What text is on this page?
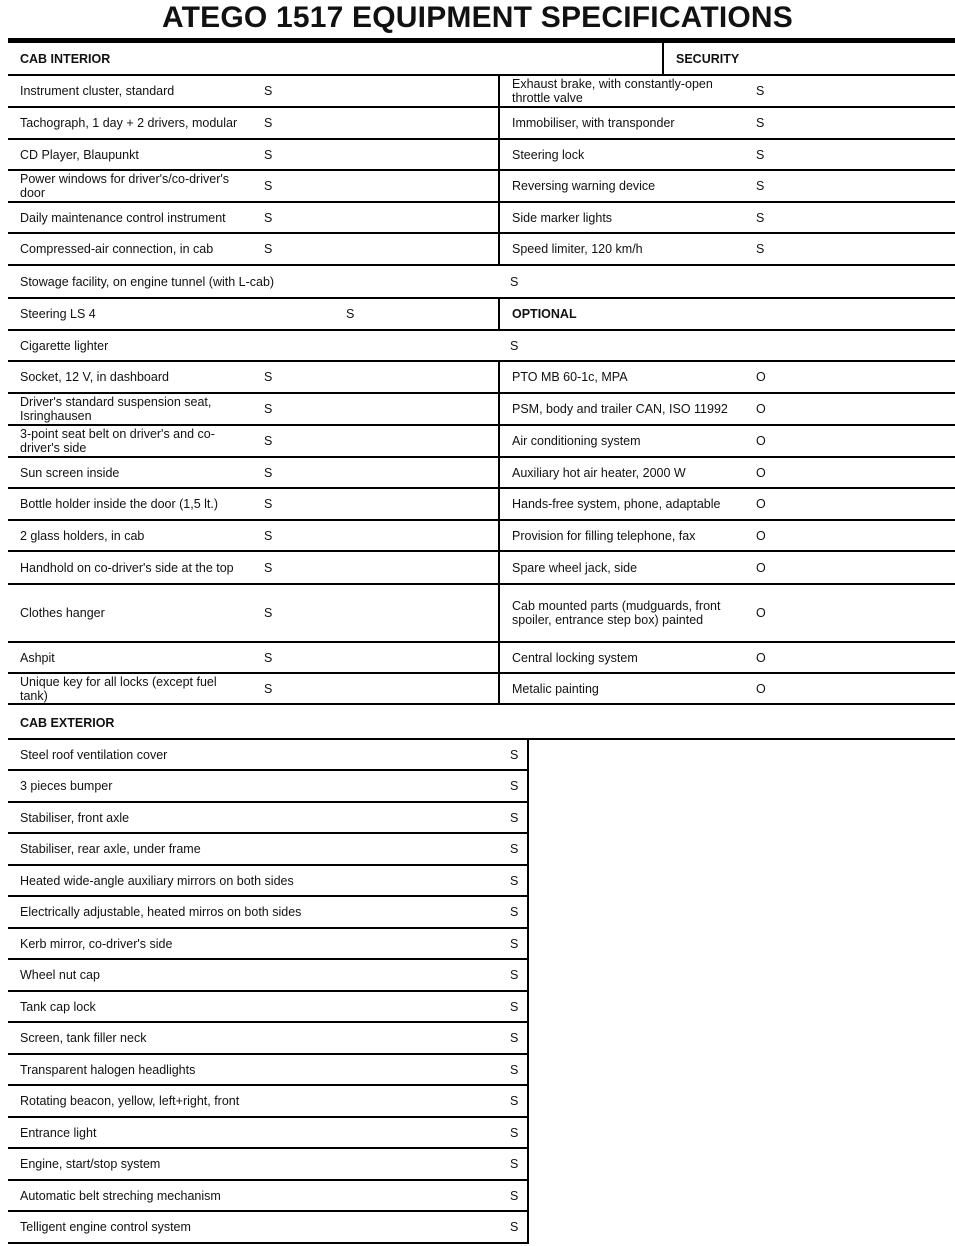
ATEGO 1517 EQUIPMENT SPECIFICATIONS
CAB INTERIOR	SECURITY
Instrument cluster, standard	S	Exhaust brake, with constantly-open throttle valve	S
Tachograph, 1 day + 2 drivers, modular S	Immobiliser, with transponder	S
CD Player, Blaupunkt	S	Steering lock	S
Power windows for driver's/co-driver's door	S	Reversing warning device	S
Daily maintenance control instrument	S	Side marker lights	S
Compressed-air connection, in cab	S	Speed limiter, 120 km/h	S
Stowage facility, on engine tunnel (with L-cab)	S
Steering LS 4	S	OPTIONAL
Cigarette lighter	S
Socket, 12 V, in dashboard	S	PTO MB 60-1c, MPA	O
Driver's standard suspension seat, Isringhausen	S	PSM, body and trailer CAN, ISO 11992	O
3-point seat belt on driver's and co-driver's side	S	Air conditioning system	O
Sun screen inside	S	Auxiliary hot air heater, 2000 W	O
Bottle holder inside the door (1,5 lt.)	S	Hands-free system, phone, adaptable	O
2 glass holders, in cab	S	Provision for filling telephone, fax	O
Handhold on co-driver's side at the top	S	Spare wheel jack, side	O
Clothes hanger	S	Cab mounted parts (mudguards, front spoiler, entrance step box) painted	O
Ashpit	S	Central locking system	O
Unique key for all locks (except fuel tank)	S	Metalic painting	O
CAB EXTERIOR
Steel roof ventilation cover	S
3 pieces bumper	S
Stabiliser, front axle	S
Stabiliser, rear axle, under frame	S
Heated wide-angle auxiliary mirrors on both sides	S
Electrically adjustable, heated mirros on both sides	S
Kerb mirror, co-driver's side	S
Wheel nut cap	S
Tank cap lock	S
Screen, tank filler neck	S
Transparent halogen headlights	S
Rotating beacon, yellow, left+right, front	S
Entrance light	S
Engine, start/stop system	S
Automatic belt streching mechanism	S
Telligent engine control system	S
